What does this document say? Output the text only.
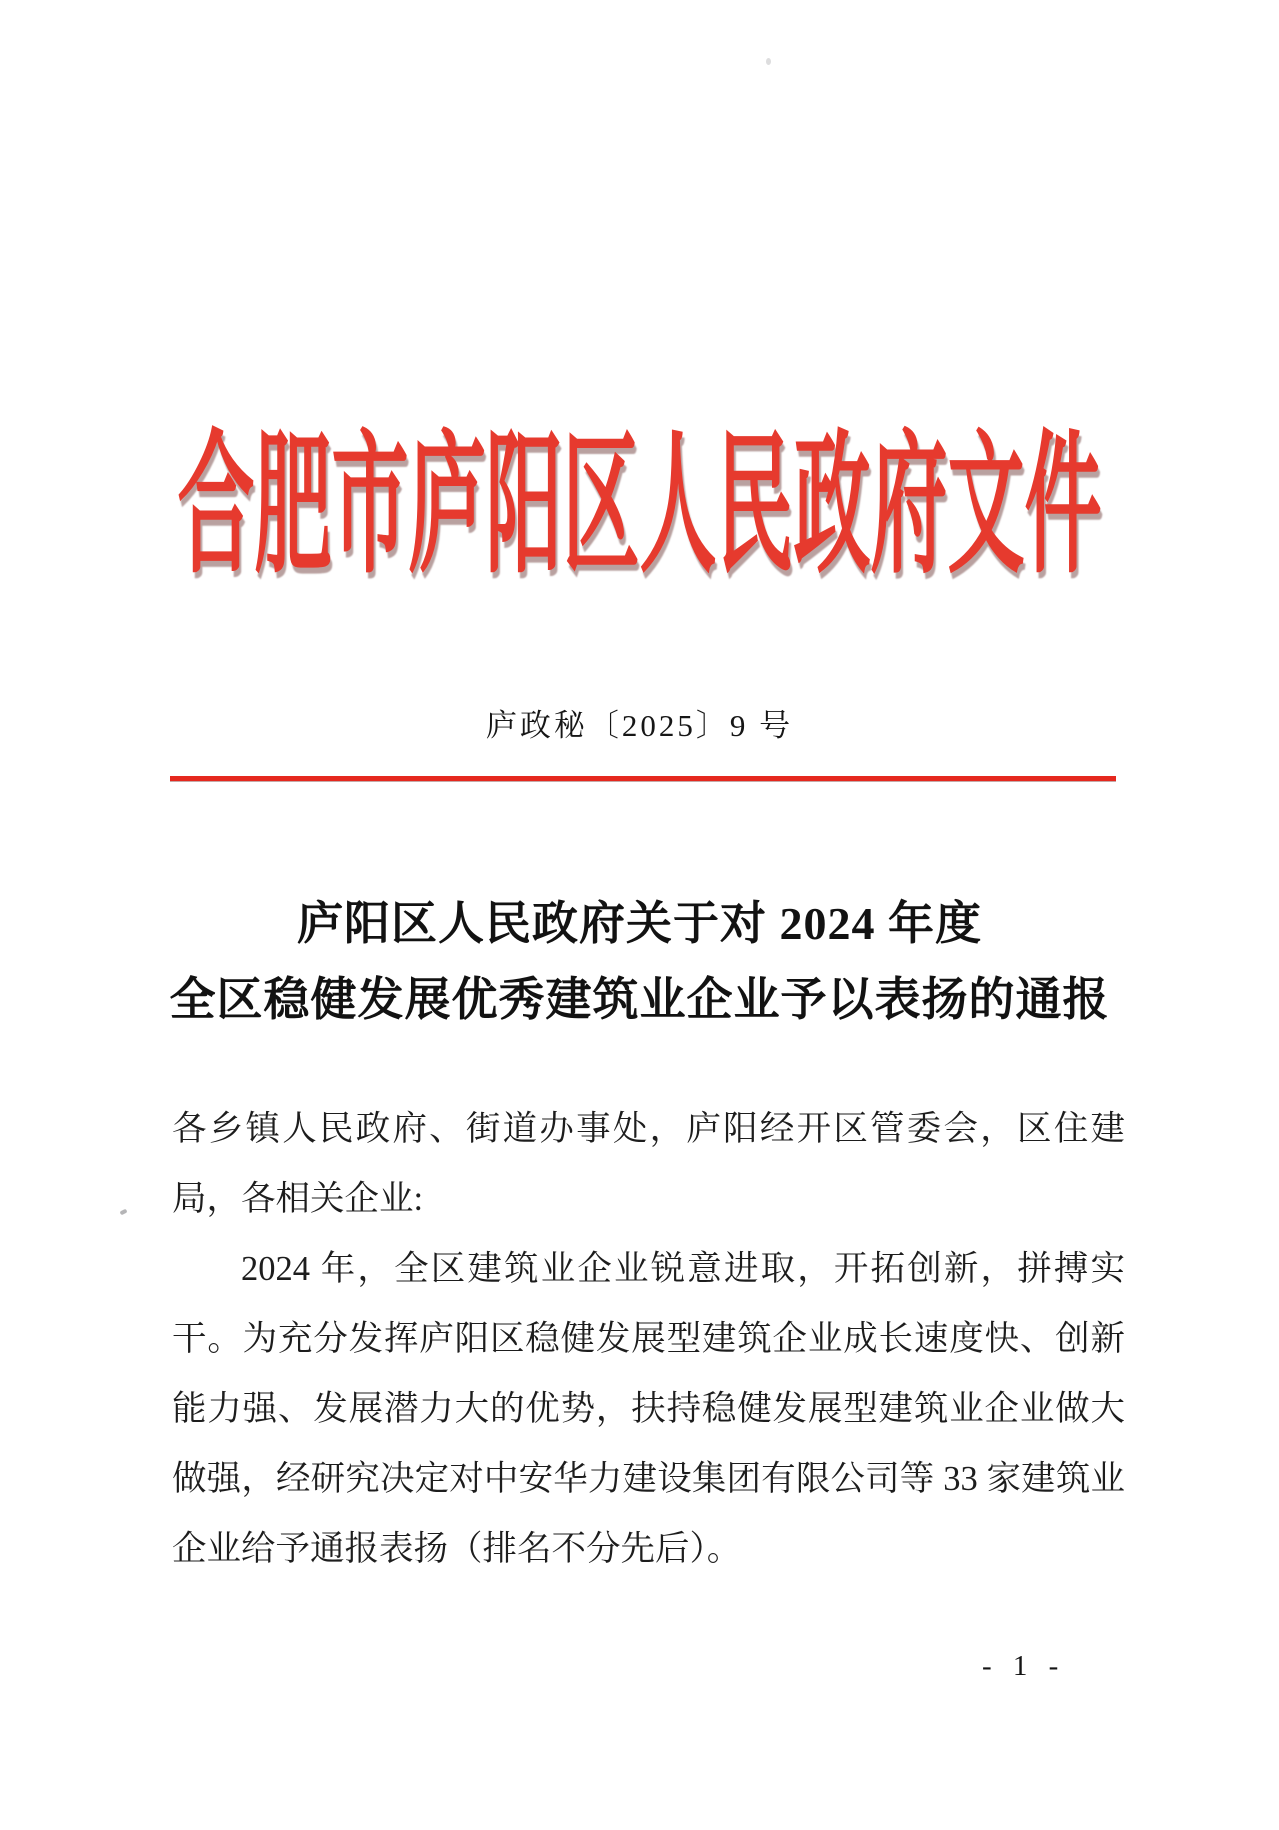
合肥市庐阳区人民政府文件
庐政秘〔2025〕9 号
庐阳区人民政府关于对 2024 年度
全区稳健发展优秀建筑业企业予以表扬的通报

各乡镇人民政府、街道办事处，庐阳经开区管委会，区住建局，各相关企业:

2024 年，全区建筑业企业锐意进取，开拓创新，拼搏实干。为充分发挥庐阳区稳健发展型建筑企业成长速度快、创新能力强、发展潜力大的优势，扶持稳健发展型建筑业企业做大做强，经研究决定对中安华力建设集团有限公司等 33 家建筑业企业给予通报表扬（排名不分先后）。

- 1 -
